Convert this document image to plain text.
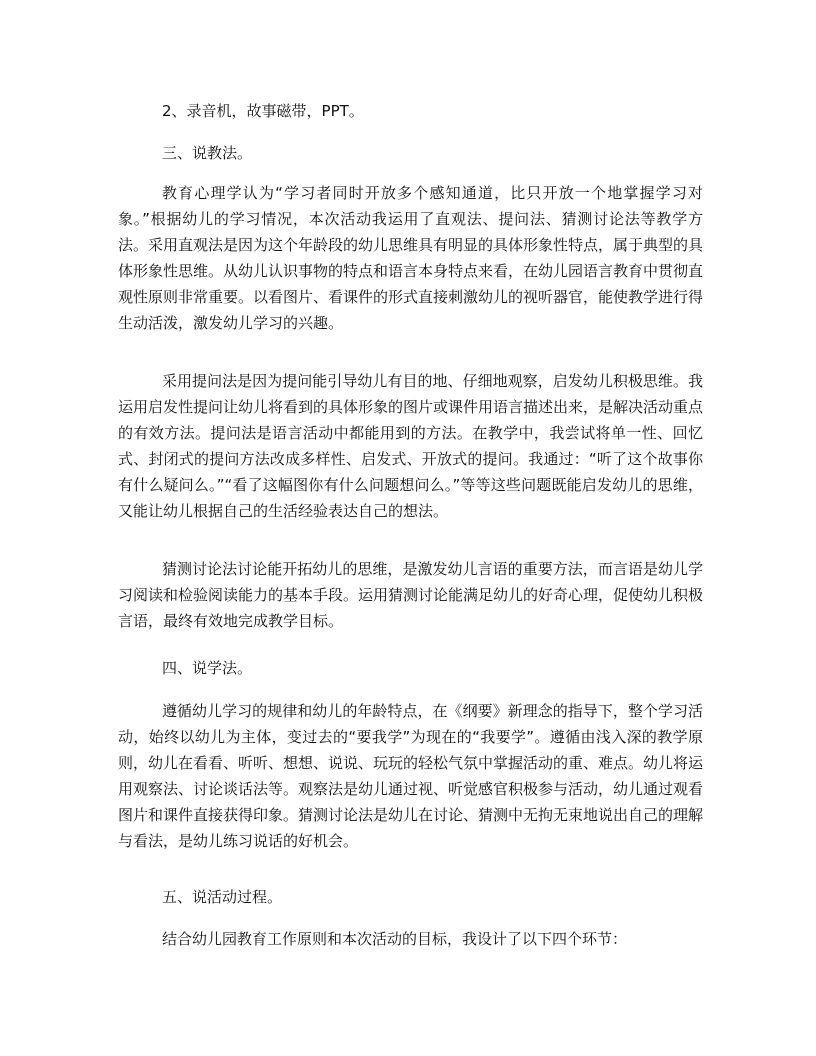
2、录音机，故事磁带，PPT。

三、说教法。

教育心理学认为“学习者同时开放多个感知通道，比只开放一个地掌握学习对象。”根据幼儿的学习情况，本次活动我运用了直观法、提问法、猜测讨论法等教学方法。采用直观法是因为这个年龄段的幼儿思维具有明显的具体形象性特点，属于典型的具体形象性思维。从幼儿认识事物的特点和语言本身特点来看，在幼儿园语言教育中贯彻直观性原则非常重要。以看图片、看课件的形式直接刺激幼儿的视听器官，能使教学进行得生动活泼，激发幼儿学习的兴趣。

采用提问法是因为提问能引导幼儿有目的地、仔细地观察，启发幼儿积极思维。我运用启发性提问让幼儿将看到的具体形象的图片或课件用语言描述出来，是解决活动重点的有效方法。提问法是语言活动中都能用到的方法。在教学中，我尝试将单一性、回忆式、封闭式的提问方法改成多样性、启发式、开放式的提问。我通过：“听了这个故事你有什么疑问么。”“看了这幅图你有什么问题想问么。”等等这些问题既能启发幼儿的思维，又能让幼儿根据自己的生活经验表达自己的想法。

猜测讨论法讨论能开拓幼儿的思维，是激发幼儿言语的重要方法，而言语是幼儿学习阅读和检验阅读能力的基本手段。运用猜测讨论能满足幼儿的好奇心理，促使幼儿积极言语，最终有效地完成教学目标。

四、说学法。

遵循幼儿学习的规律和幼儿的年龄特点，在《纲要》新理念的指导下，整个学习活动，始终以幼儿为主体，变过去的“要我学”为现在的“我要学”。遵循由浅入深的教学原则，幼儿在看看、听听、想想、说说、玩玩的轻松气氛中掌握活动的重、难点。幼儿将运用观察法、讨论谈话法等。观察法是幼儿通过视、听觉感官积极参与活动，幼儿通过观看图片和课件直接获得印象。猜测讨论法是幼儿在讨论、猜测中无拘无束地说出自己的理解与看法，是幼儿练习说话的好机会。

五、说活动过程。

结合幼儿园教育工作原则和本次活动的目标，我设计了以下四个环节：
